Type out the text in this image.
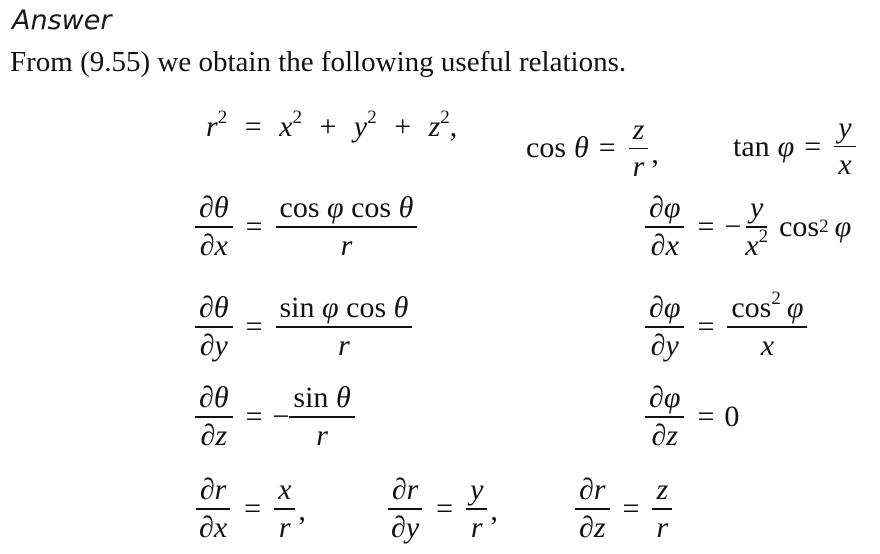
Answer
From (9.55) we obtain the following useful relations.
$r^2 = x^2 + y^2 + z^2$,
$\cos \theta = \frac{z}{r}$ , $\tan \varphi = \frac{y}{x}$
$\frac{\partial\theta}{\partial x} = \frac{\text{cos φ cos θ}}{r}$	$\frac{\partial\varphi}{\partial x}$ = − $\frac{y}{x^2}$ cos 2 φ
$\frac{\partial\theta}{\partial y} = \frac{\text{sin φ cos θ}}{r}$	$\frac{\partial\varphi}{\partial y} = \frac{\cos^2 \varphi}{x}$
$\frac{\partial\theta}{\partial z}$ = − $\frac{\text{sin θ}}{r}$	$\frac{\partial\varphi}{\partial z} = 0$
$\frac{\partial r}{\partial x} = \frac{x}{r}$ ,	$\frac{\partial r}{\partial y} = \frac{y}{r}$ ,	$\frac{\partial r}{\partial z} = \frac{z}{r}$
